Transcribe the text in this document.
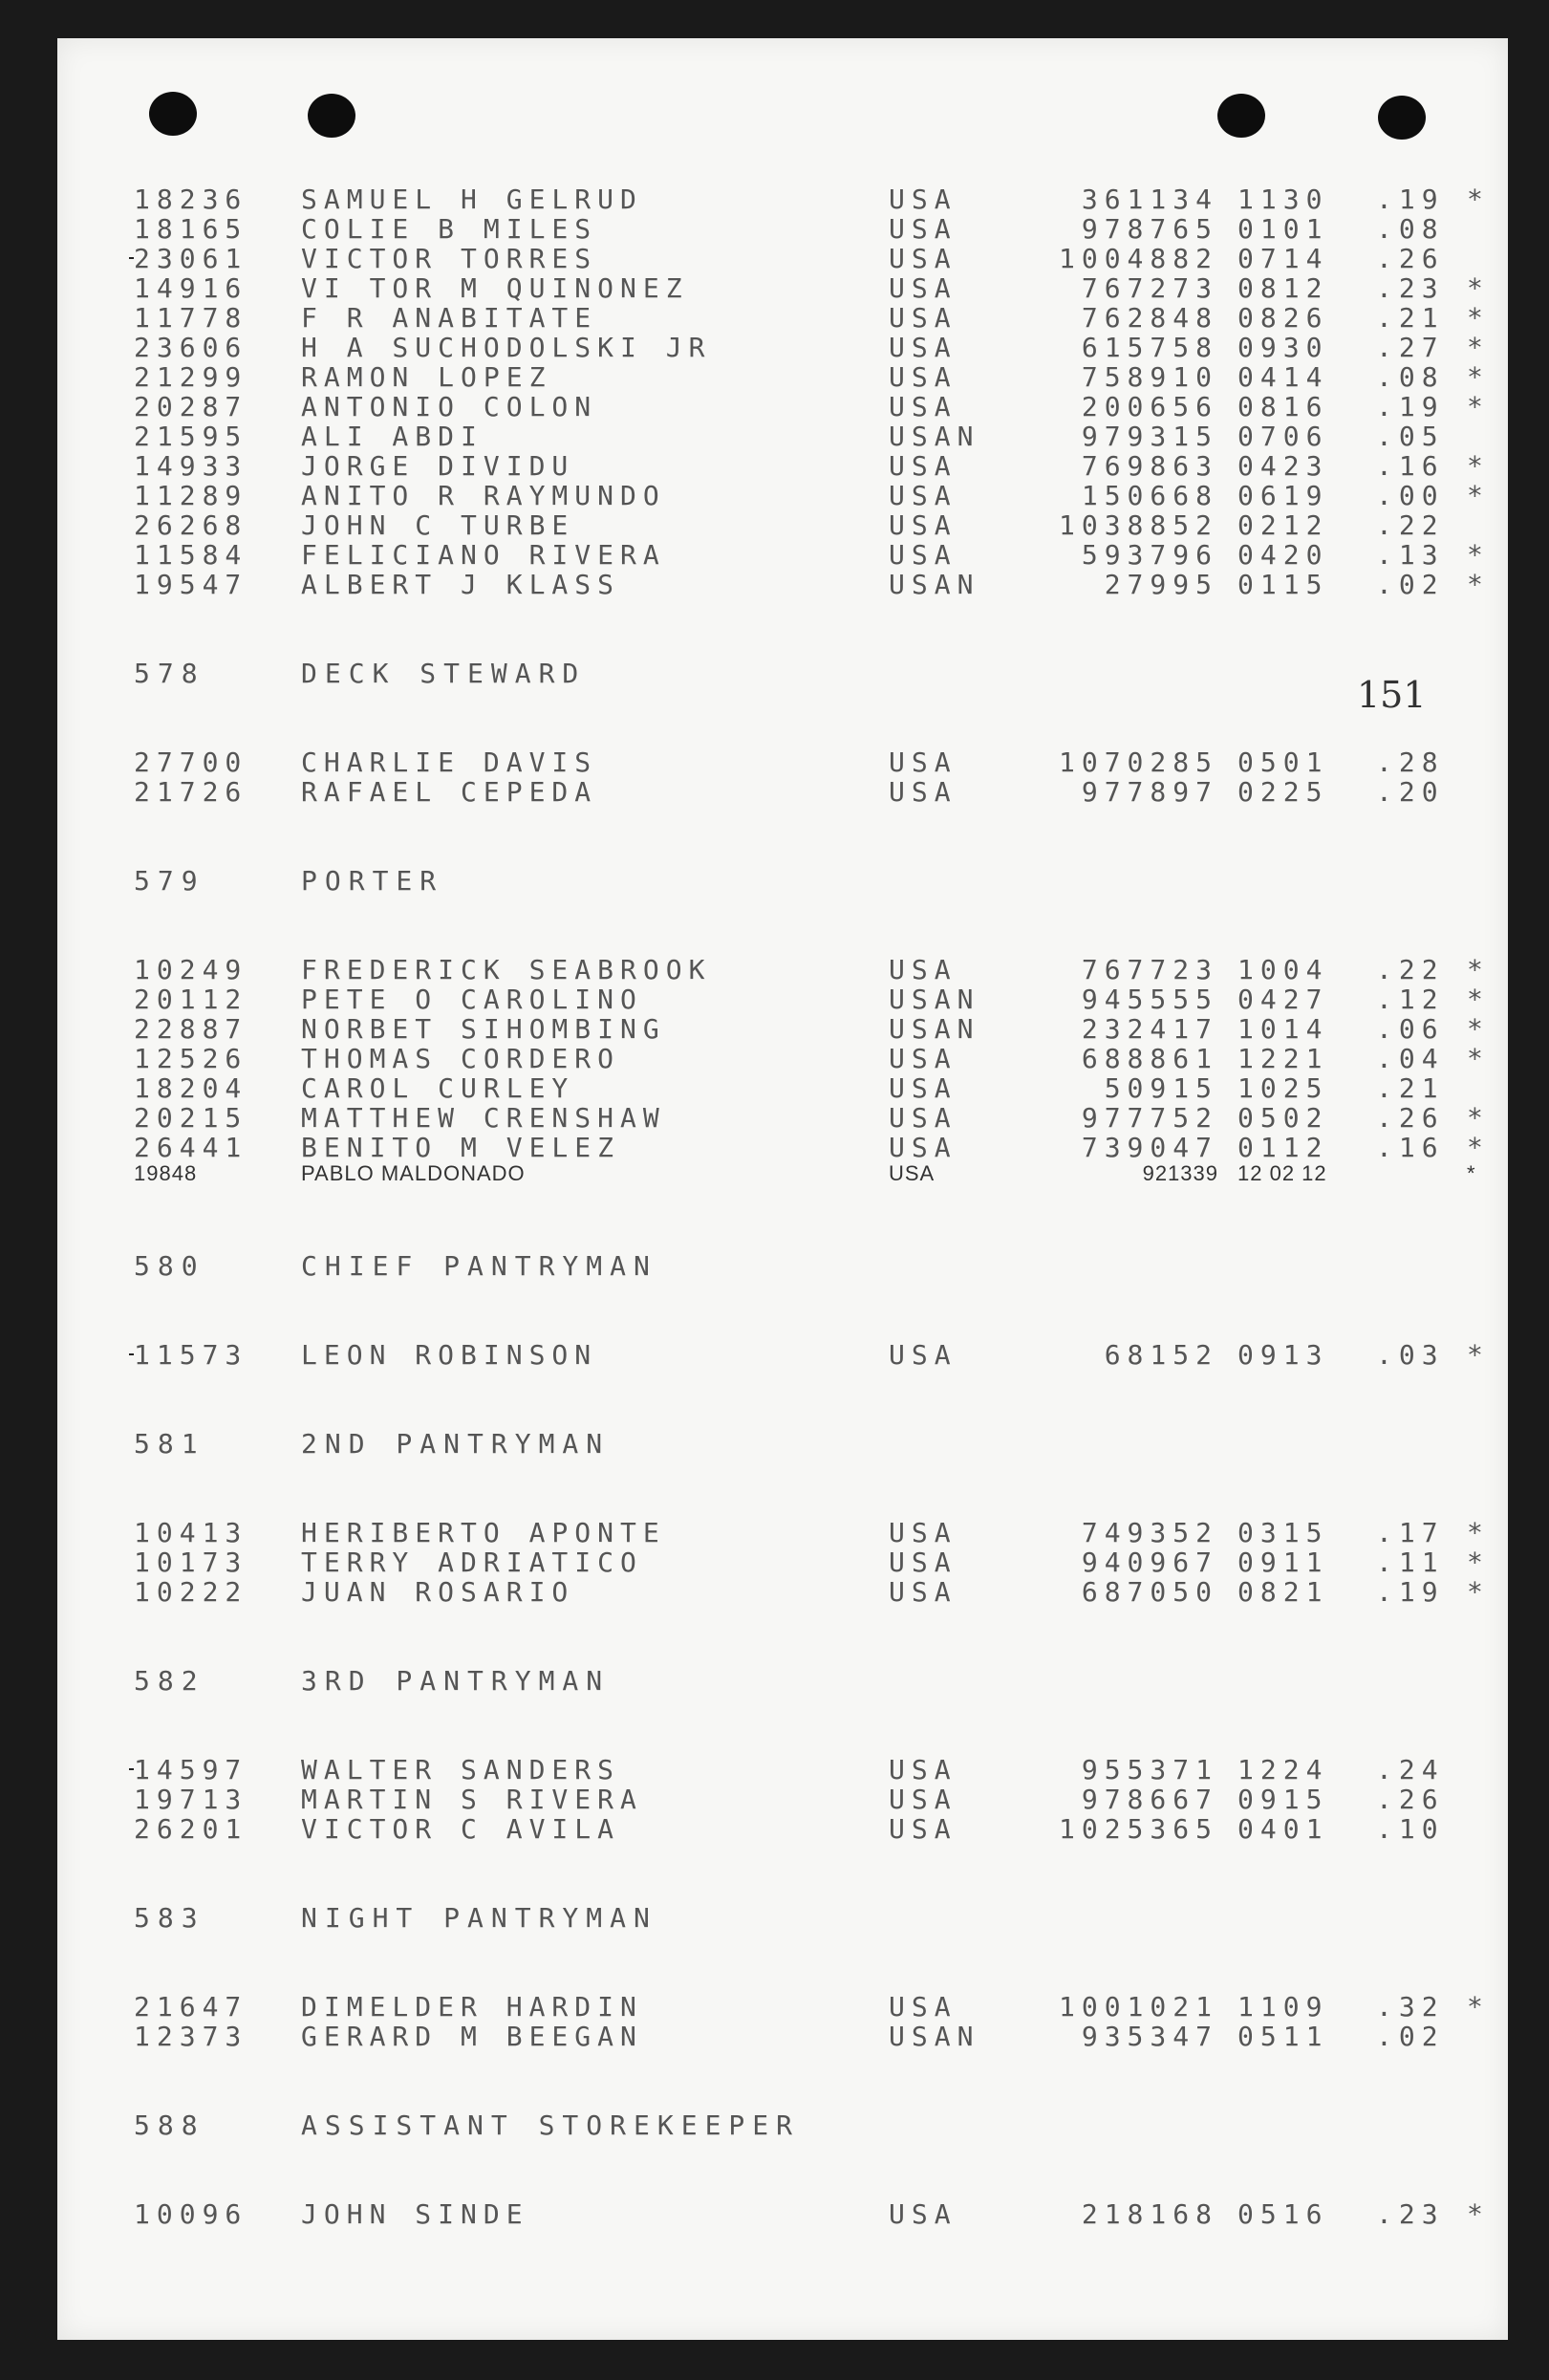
151
18236 SAMUEL H GELRUD	USA	361134 1130 .19 *
18165 COLIE B MILES	USA	978765 0101 .08
23061 VICTOR TORRES	USA	1004882 0714 .26
14916 VI TOR M QUINONEZ	USA	767273 0812 .23 *
11778 F R ANABITATE	USA	762848 0826 .21 *
23606 H A SUCHODOLSKI JR	USA	615758 0930 .27 *
21299 RAMON LOPEZ	USA	758910 0414 .08 *
20287 ANTONIO COLON	USA	200656 0816 .19 *
21595 ALI ABDI	USAN	979315 0706 .05
14933 JORGE DIVIDU	USA	769863 0423 .16 *
11289 ANITO R RAYMUNDO	USA	150668 0619 .00 *
26268 JOHN C TURBE	USA	1038852 0212 .22
11584 FELICIANO RIVERA	USA	593796 0420 .13 *
19547 ALBERT J KLASS	USAN	27995 0115 .02 *
578	DECK STEWARD
27700 CHARLIE DAVIS	USA	1070285 0501 .28
21726 RAFAEL CEPEDA	USA	977897 0225 .20
579	PORTER
10249 FREDERICK SEABROOK	USA	767723 1004 .22 *
20112 PETE O CAROLINO	USAN	945555 0427 .12 *
22887 NORBET SIHOMBING	USAN	232417 1014 .06 *
12526 THOMAS CORDERO	USA	688861 1221 .04 *
18204 CAROL CURLEY	USA	50915 1025 .21
20215 MATTHEW CRENSHAW	USA	977752 0502 .26 *
26441 BENITO M VELEZ	USA	739047 0112 .16 *
19848	PABLO MALDONADO	USA	921339 12 02 12	*
580	CHIEF PANTRYMAN
11573 LEON ROBINSON	USA	68152 0913 .03 *
581	2ND PANTRYMAN
10413 HERIBERTO APONTE	USA	749352 0315 .17 *
10173 TERRY ADRIATICO	USA	940967 0911 .11 *
10222 JUAN ROSARIO	USA	687050 0821 .19 *
582	3RD PANTRYMAN
14597 WALTER SANDERS	USA	955371 1224 .24
19713 MARTIN S RIVERA	USA	978667 0915 .26
26201 VICTOR C AVILA	USA	1025365 0401 .10
583	NIGHT PANTRYMAN
21647 DIMELDER HARDIN	USA	1001021 1109 .32 *
12373 GERARD M BEEGAN	USAN	935347 0511 .02
588	ASSISTANT STOREKEEPER
10096 JOHN SINDE	USA	218168 0516 .23 *
